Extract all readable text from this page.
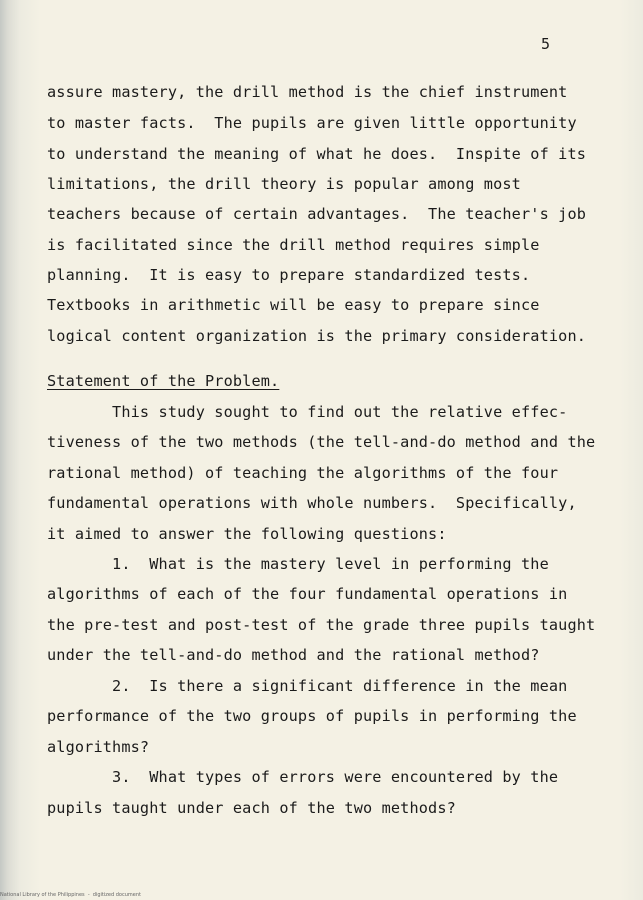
5
assure mastery, the drill method is the chief instrument
to master facts.  The pupils are given little opportunity
to understand the meaning of what he does.  Inspite of its
limitations, the drill theory is popular among most
teachers because of certain advantages.  The teacher's job
is facilitated since the drill method requires simple
planning.  It is easy to prepare standardized tests.
Textbooks in arithmetic will be easy to prepare since
logical content organization is the primary consideration.
Statement of the Problem.
This study sought to find out the relative effec-
tiveness of the two methods (the tell-and-do method and the
rational method) of teaching the algorithms of the four
fundamental operations with whole numbers.  Specifically,
it aimed to answer the following questions:
1.  What is the mastery level in performing the
algorithms of each of the four fundamental operations in
the pre-test and post-test of the grade three pupils taught
under the tell-and-do method and the rational method?
2.  Is there a significant difference in the mean
performance of the two groups of pupils in performing the
algorithms?
3.  What types of errors were encountered by the
pupils taught under each of the two methods?
National Library of the Philippines  -  digitized document
